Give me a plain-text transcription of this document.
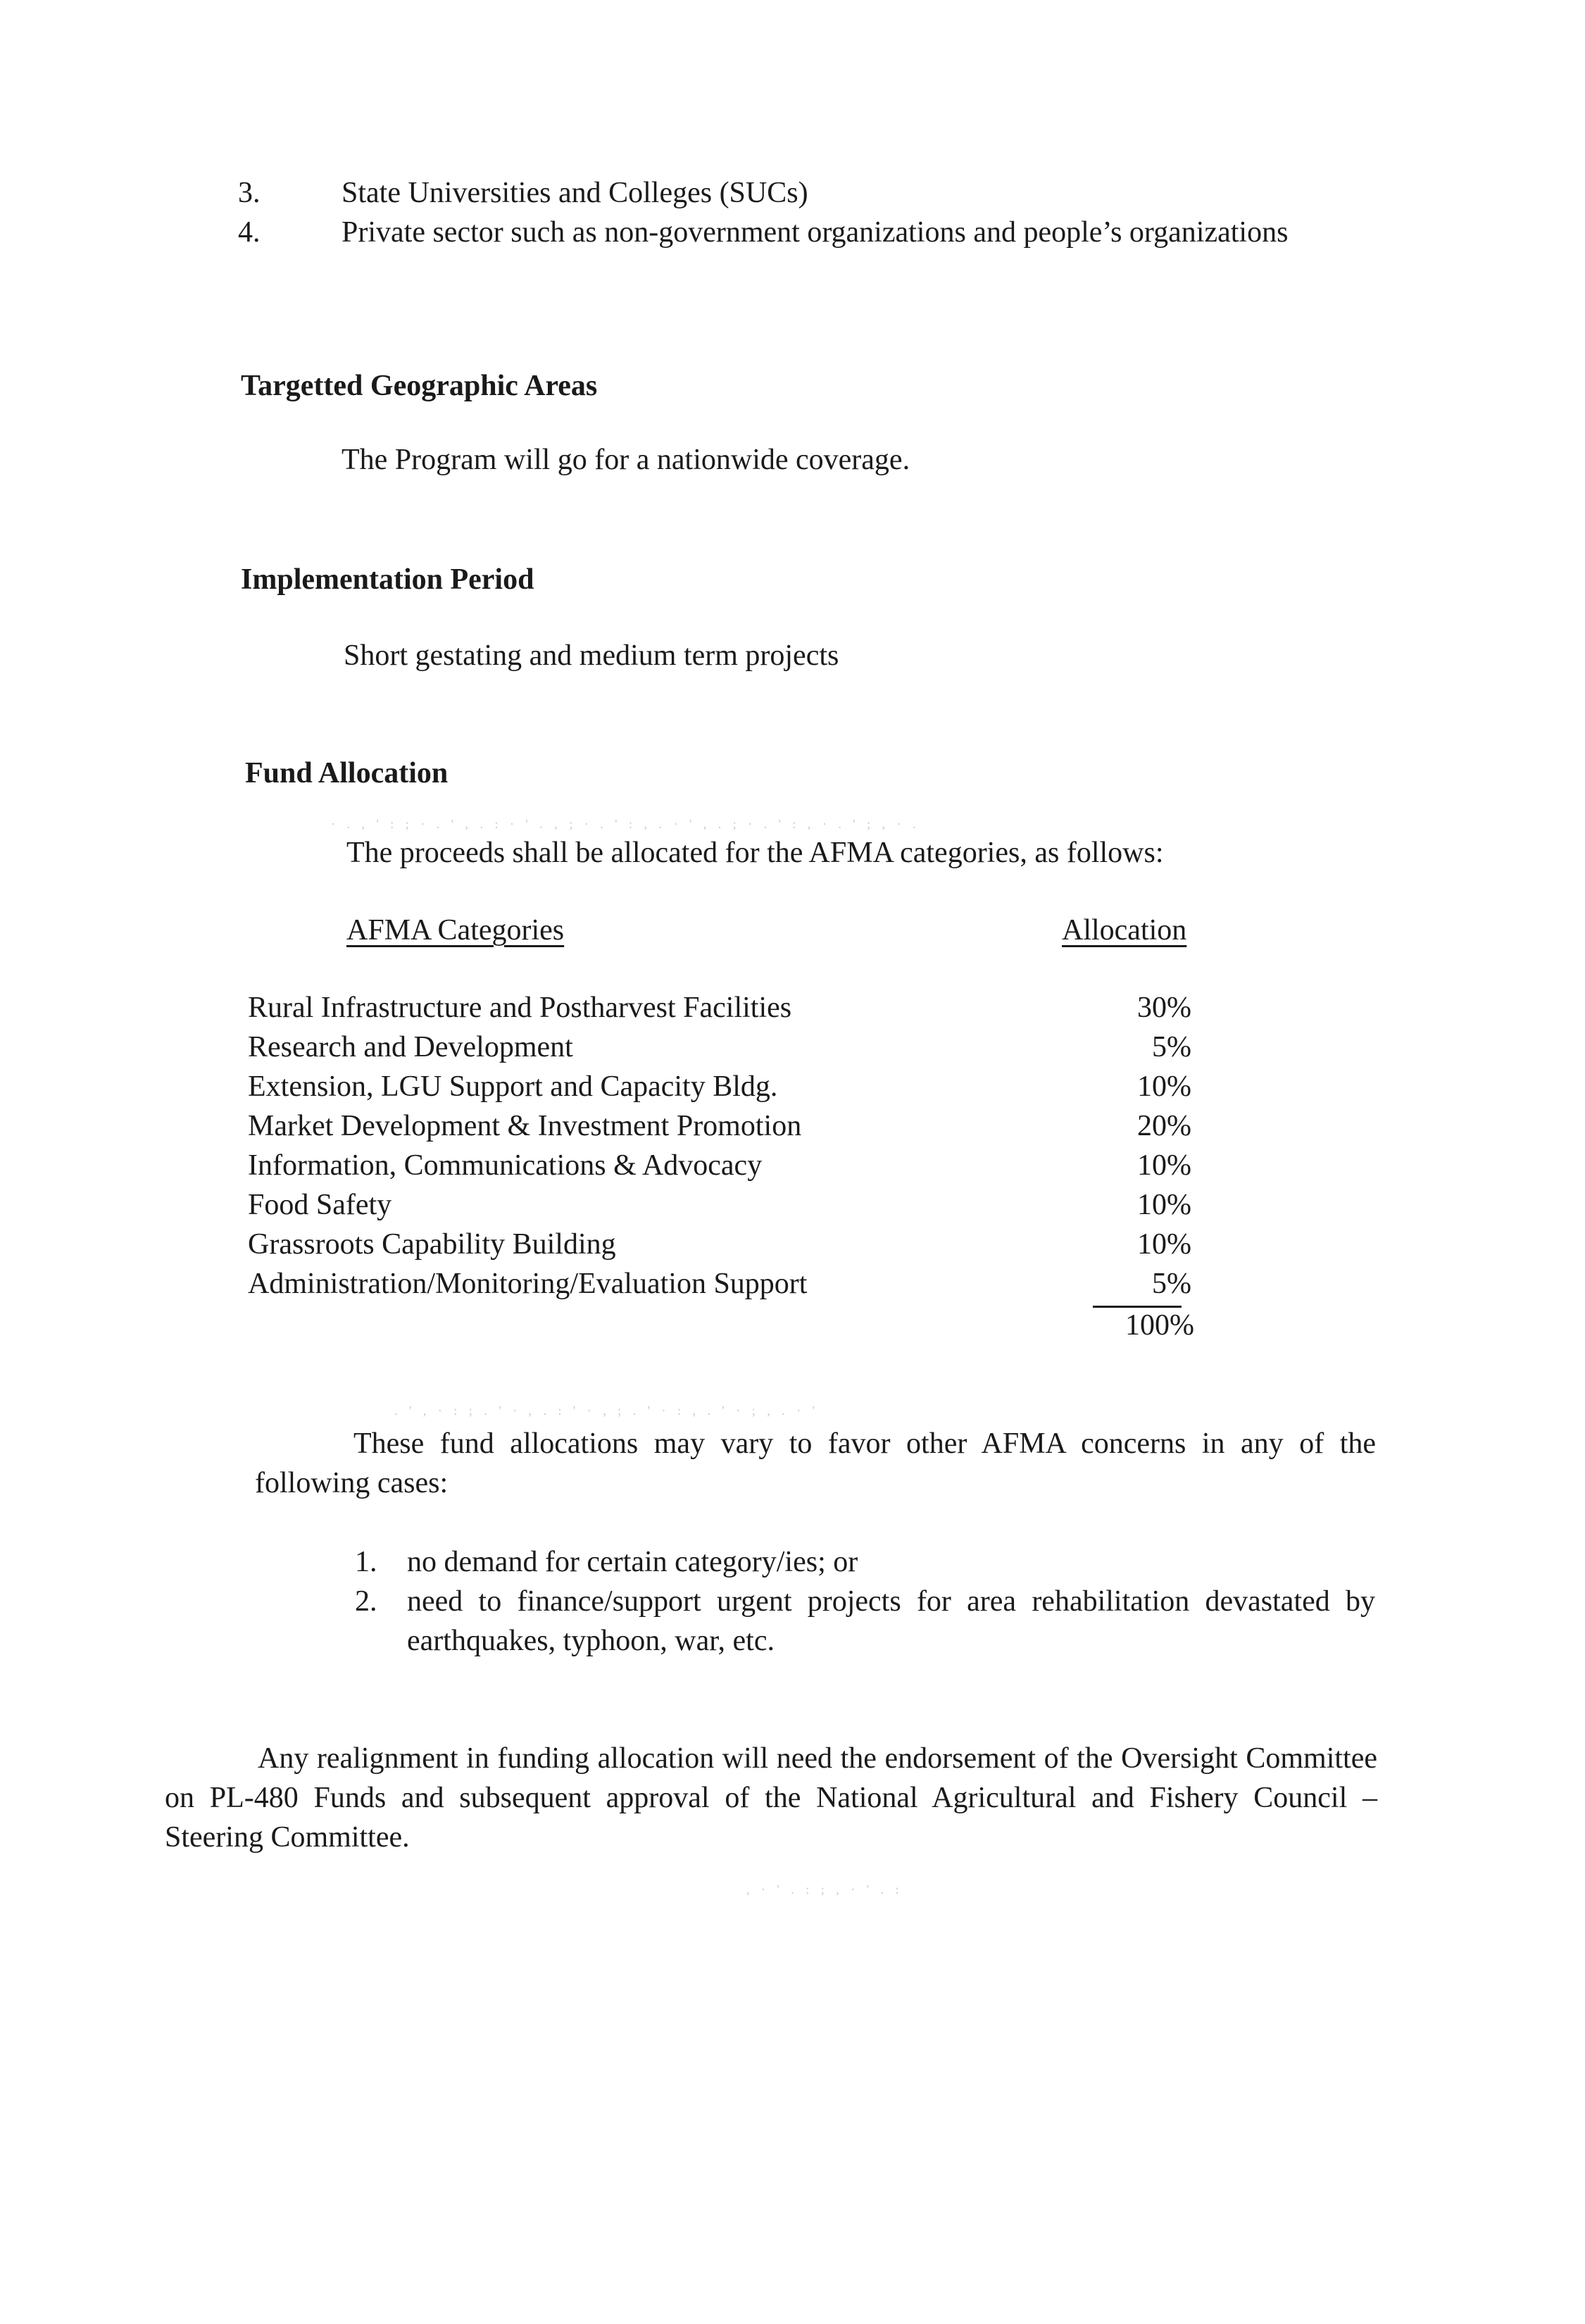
· . , ' : ; · . ' , . : · ' . , ; · . ' : , . · ' , . ; · . ' : , · . ' ; , · .
. ' , · : ; . ' · , . : ' · , ; . ' · : , . ' · ; , . · '
, · ' . : ; , · ' . :
3.	State Universities and Colleges (SUCs)
4.	Private sector such as non-government organizations and people’s organizations
Targetted Geographic Areas
The Program will go for a nationwide coverage.
Implementation Period
Short gestating and medium term projects
Fund Allocation
The proceeds shall be allocated for the AFMA categories, as follows:
AFMA Categories	Allocation
Rural Infrastructure and Postharvest Facilities	30%
Research and Development	5%
Extension, LGU Support and Capacity Bldg.	10%
Market Development & Investment Promotion	20%
Information, Communications & Advocacy	10%
Food Safety	10%
Grassroots Capability Building	10%
Administration/Monitoring/Evaluation Support	5%
100%
These fund allocations may vary to favor other AFMA concerns in any of the following cases:
1. no demand for certain category/ies; or
2. need to finance/support urgent projects for area rehabilitation devastated by earthquakes, typhoon, war, etc.
Any realignment in funding allocation will need the endorsement of the Oversight Committee on PL-480 Funds and subsequent approval of the National Agricultural and Fishery Council – Steering Committee.
